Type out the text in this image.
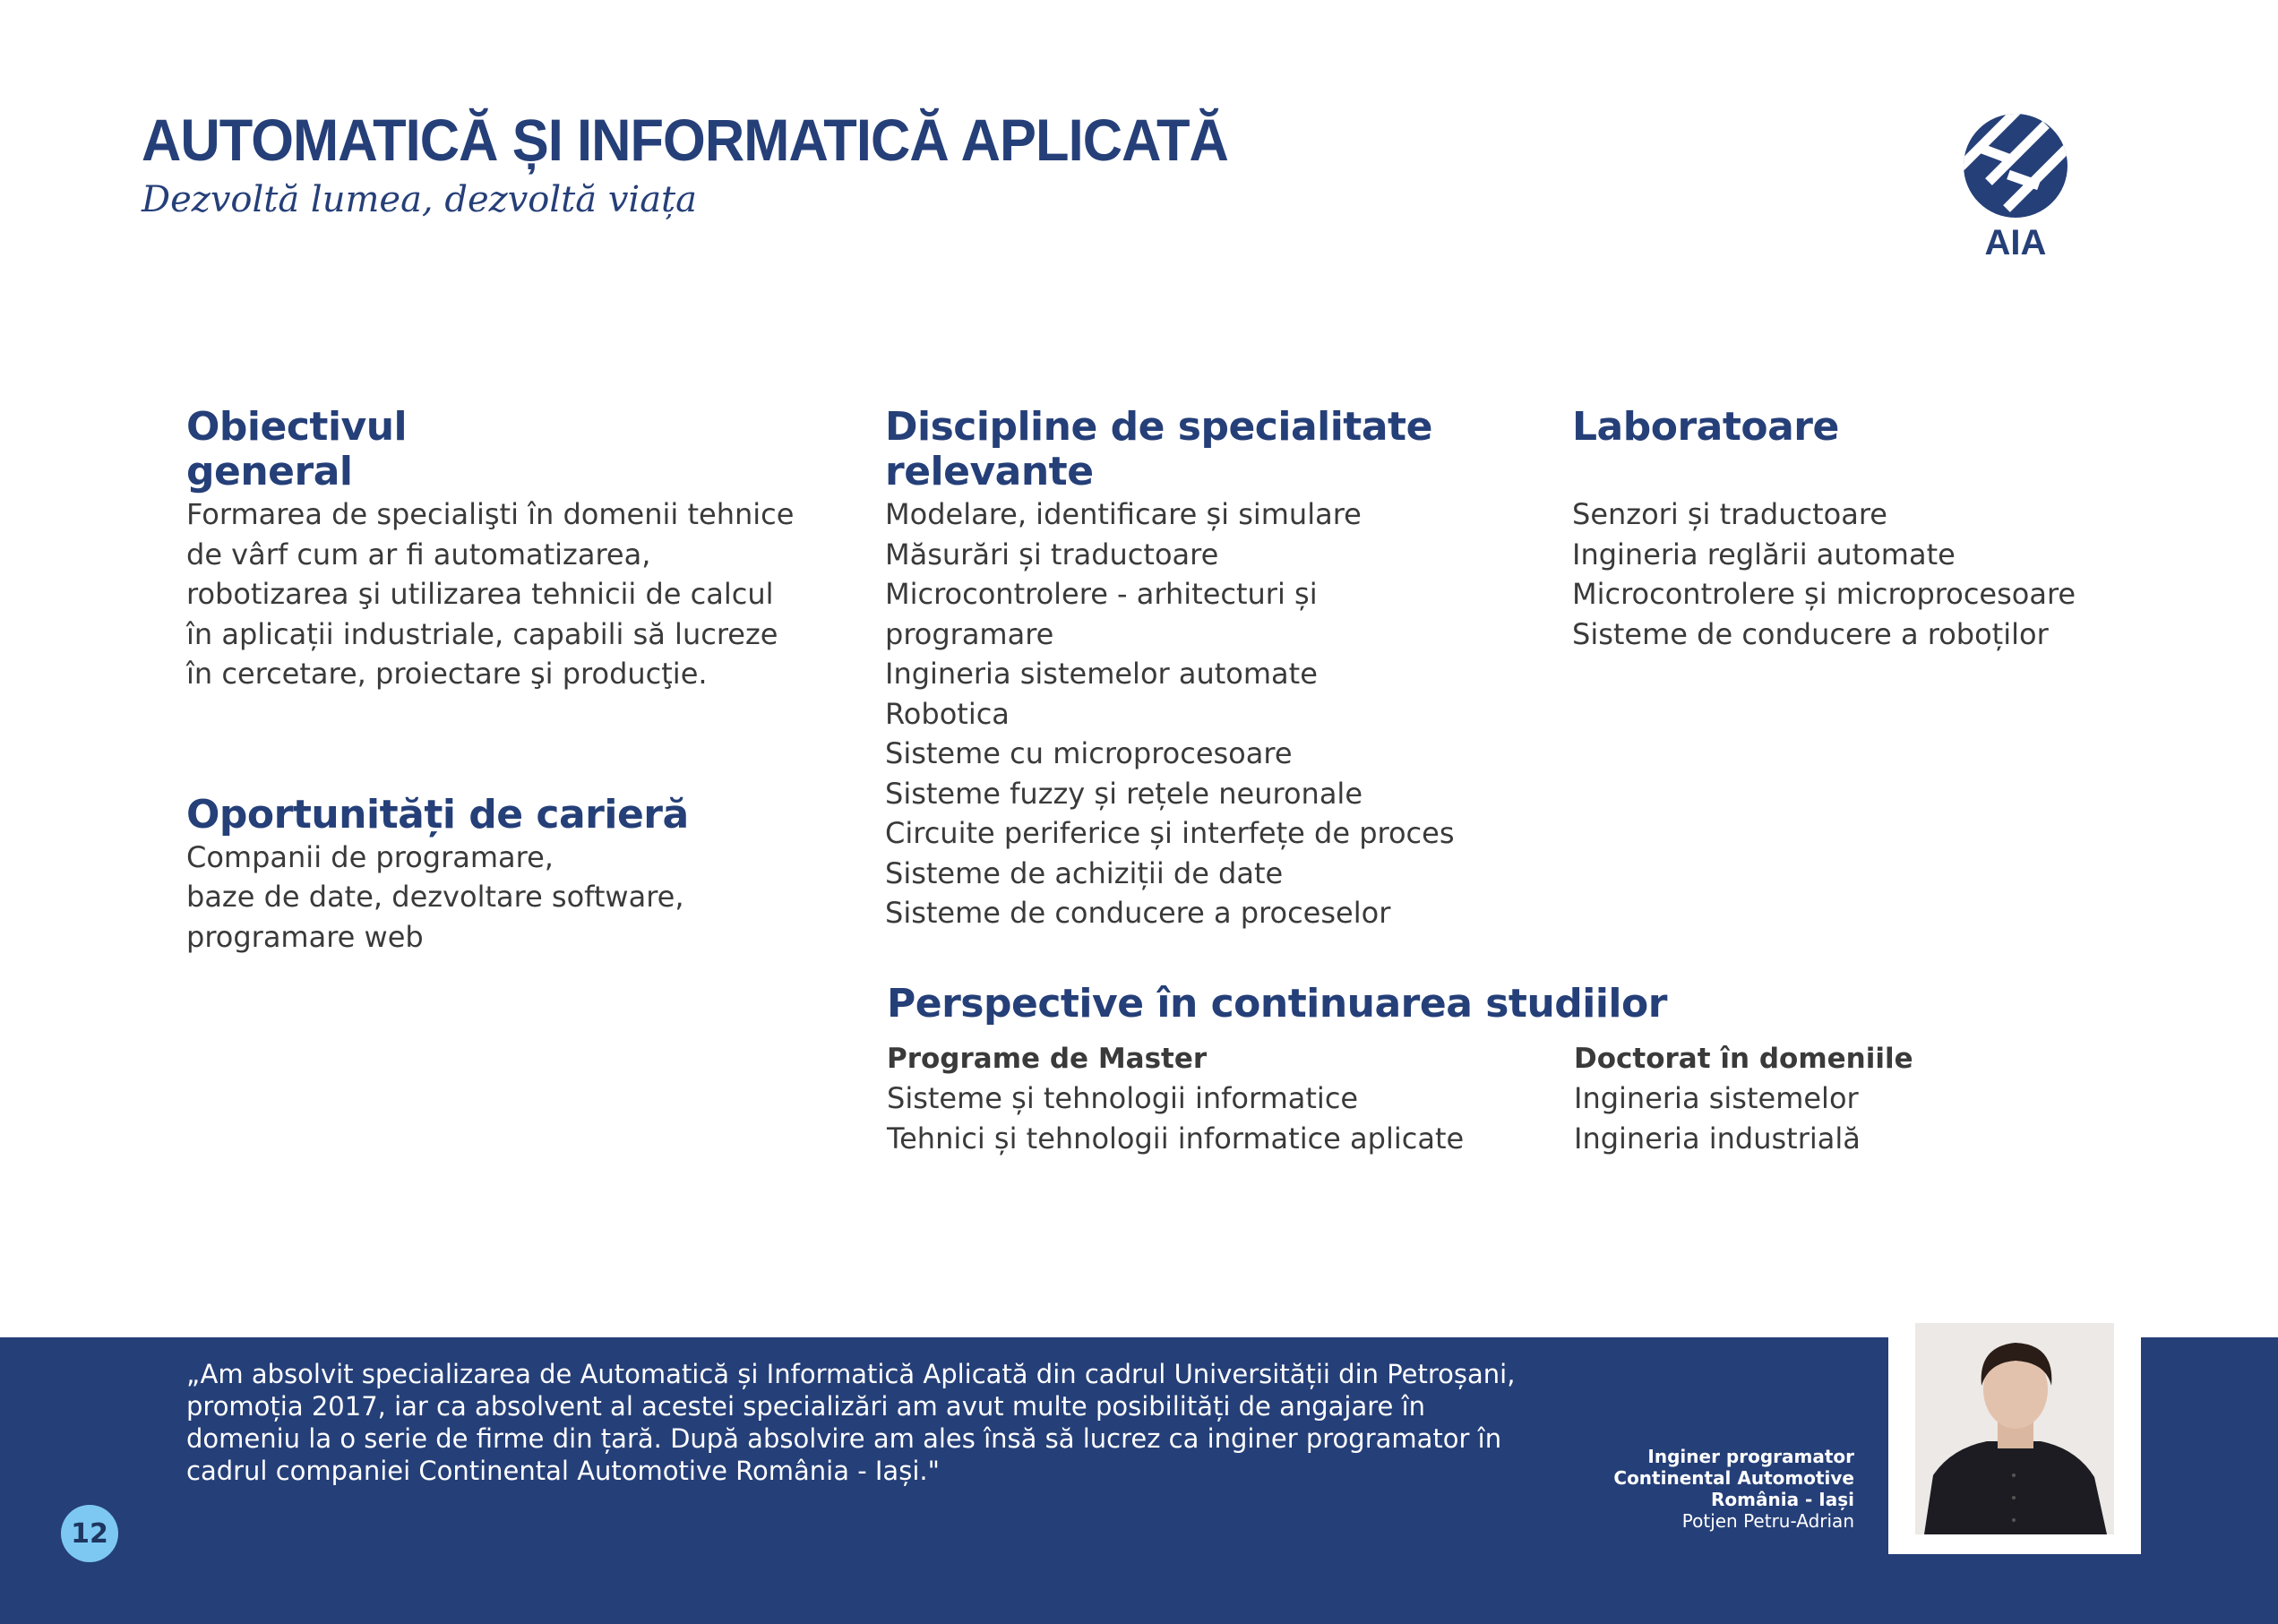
AUTOMATICĂ ȘI INFORMATICĂ APLICATĂ
Dezvoltă lumea, dezvoltă viața
AIA
Obiectivul
general
Formarea de specialişti în domenii tehnice de vârf cum ar fi automatizarea, robotizarea şi utilizarea tehnicii de calcul în aplicații industriale, capabili să lucreze în cercetare, proiectare şi producţie.
Oportunități de carieră
Companii de programare,
baze de date, dezvoltare software,
programare web
Discipline de specialitate
relevante
Modelare, identificare și simulare
Măsurări și traductoare
Microcontrolere - arhitecturi și
programare
Ingineria sistemelor automate
Robotica
Sisteme cu microprocesoare
Sisteme fuzzy și rețele neuronale
Circuite periferice și interfețe de proces
Sisteme de achiziții de date
Sisteme de conducere a proceselor
Laboratoare
Senzori și traductoare
Ingineria reglării automate
Microcontrolere și microprocesoare
Sisteme de conducere a roboților
Perspective în continuarea studiilor
Programe de Master
Sisteme și tehnologii informatice
Tehnici și tehnologii informatice aplicate
Doctorat în domeniile
Ingineria sistemelor
Ingineria industrială
„Am absolvit specializarea de Automatică și Informatică Aplicată din cadrul Universității din Petroșani, promoția 2017, iar ca absolvent al acestei specializări am avut multe posibilități de angajare în domeniu la o serie de firme din țară. După absolvire am ales însă să lucrez ca inginer programator în cadrul companiei Continental Automotive România - Iași."
12
Inginer programator
Continental Automotive
România - Iași
Potjen Petru-Adrian
